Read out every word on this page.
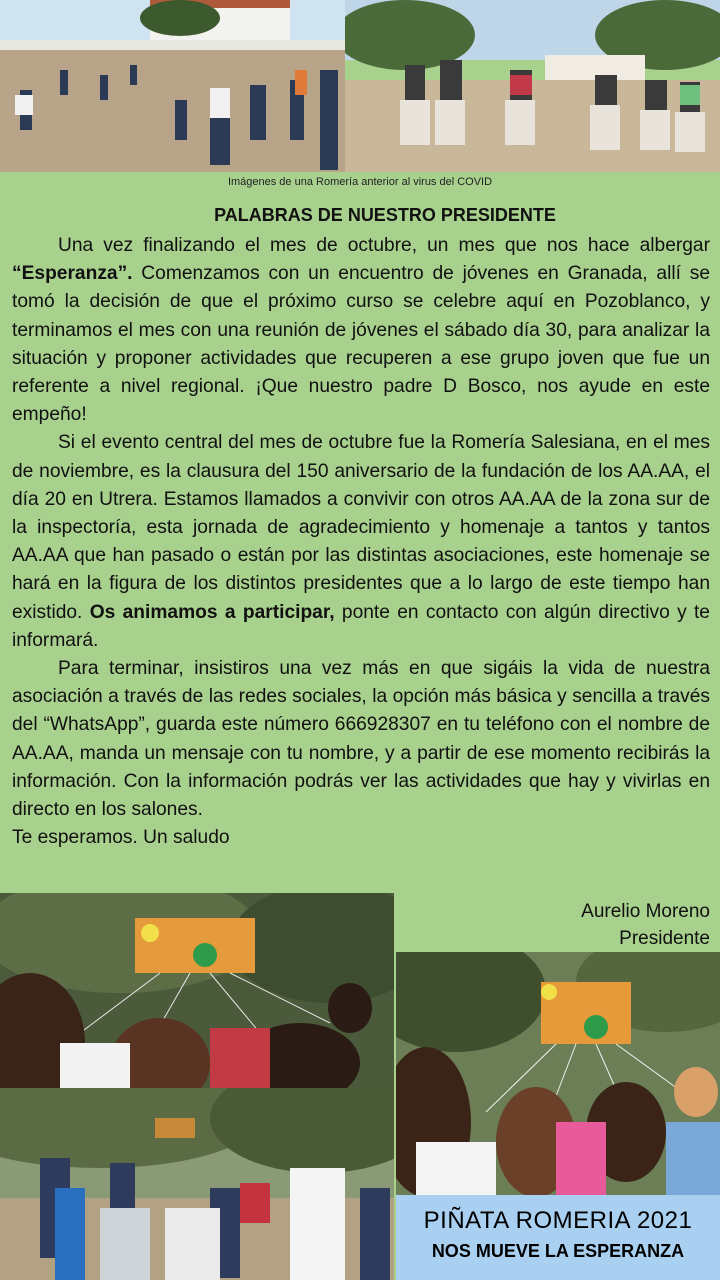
Imágenes de una Romería anterior al virus del COVID
PALABRAS DE NUESTRO PRESIDENTE

Una vez finalizando el mes de octubre, un mes que nos hace albergar “Esperanza”. Comenzamos con un encuentro de jóvenes en Granada, allí se tomó la decisión de que el próximo curso se celebre aquí en Pozoblanco, y terminamos el mes con una reunión de jóvenes el sábado día 30, para analizar la situación y proponer actividades que recuperen a ese grupo joven que fue un referente a nivel regional. ¡Que nuestro padre D Bosco, nos ayude en este empeño!

Si el evento central del mes de octubre fue la Romería Salesiana, en el mes de noviembre, es la clausura del 150 aniversario de la fundación de los AA.AA, el día 20 en Utrera. Estamos llamados a convivir con otros AA.AA de la zona sur de la inspectoría, esta jornada de agradecimiento y homenaje a tantos y tantos AA.AA que han pasado o están por las distintas asociaciones, este homenaje se hará en la figura de los distintos presidentes que a lo largo de este tiempo han existido. Os animamos a participar, ponte en contacto con algún directivo y te informará.

Para terminar, insistiros una vez más en que sigáis la vida de nuestra asociación a través de las redes sociales, la opción más básica y sencilla a través del “WhatsApp”, guarda este número 666928307 en tu teléfono con el nombre de AA.AA, manda un mensaje con tu nombre, y a partir de ese momento recibirás la información. Con la información podrás ver las actividades que hay y vivirlas en directo en los salones.

Te esperamos. Un saludo

Aurelio Moreno
Presidente
PIÑATA ROMERIA 2021
NOS MUEVE LA ESPERANZA
